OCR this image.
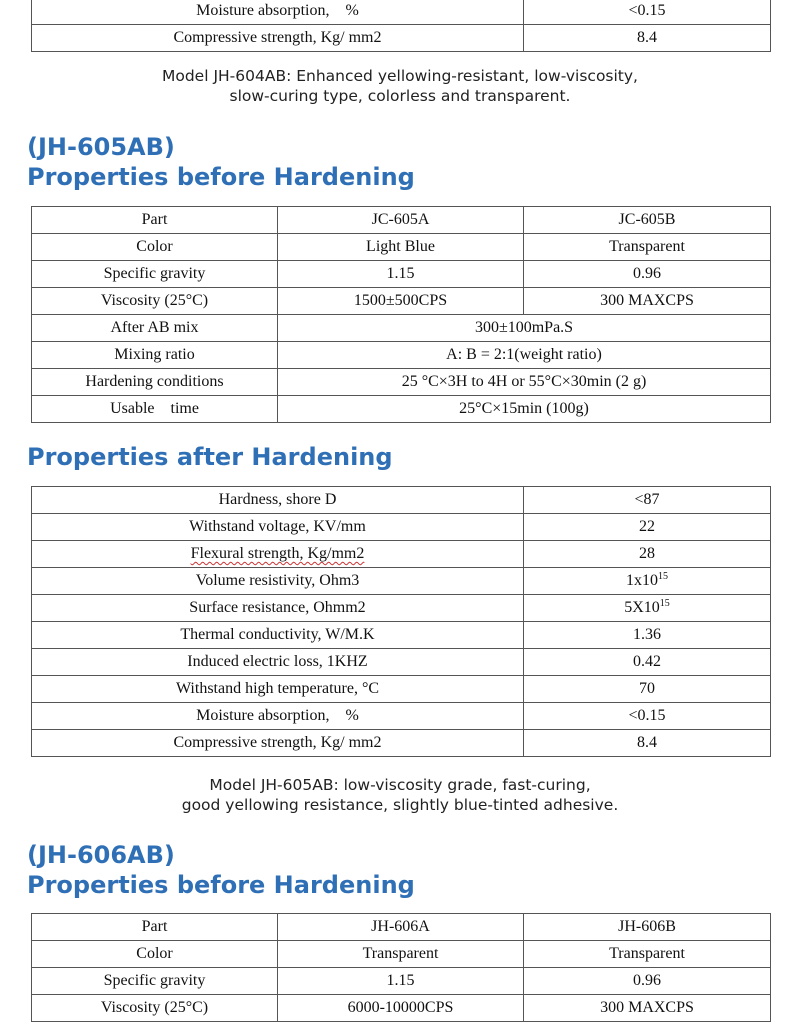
Moisture absorption,    %	<0.15
Compressive strength, Kg/ mm2	8.4
Model JH-604AB: Enhanced yellowing-resistant, low-viscosity,
slow-curing type, colorless and transparent.
(JH-605AB)
Properties before Hardening
Part	JC-605A	JC-605B
Color	Light Blue	Transparent
Specific gravity	1.15	0.96
Viscosity (25°C)	1500±500CPS	300 MAXCPS
After AB mix	300±100mPa.S	
Mixing ratio	A: B = 2:1(weight ratio)	
Hardening conditions	25 °C×3H to 4H or 55°C×30min (2 g)	
Usable    time	25°C×15min (100g)	
Properties after Hardening
Hardness, shore D	<87
Withstand voltage, KV/mm	22
Flexural strength, Kg/mm2	28
Volume resistivity, Ohm3	$1x10^{15}$
Surface resistance, Ohmm2	$5X10^{15}$
Thermal conductivity, W/M.K	1.36
Induced electric loss, 1KHZ	0.42
Withstand high temperature, °C	70
Moisture absorption,    %	<0.15
Compressive strength, Kg/ mm2	8.4
Model JH-605AB: low-viscosity grade, fast-curing,
good yellowing resistance, slightly blue-tinted adhesive.
(JH-606AB)
Properties before Hardening
Part	JH-606A	JH-606B
Color	Transparent	Transparent
Specific gravity	1.15	0.96
Viscosity (25°C)	6000-10000CPS	300 MAXCPS
